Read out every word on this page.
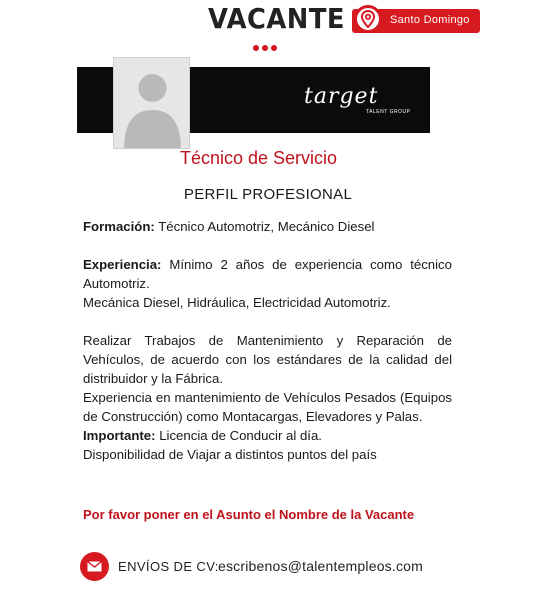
VACANTE	Santo Domingo
target
TALENT GROUP
Técnico de Servicio
PERFIL PROFESIONAL

Formación: Técnico Automotriz, Mecánico Diesel

Experiencia: Mínimo 2 años de experiencia como técnico Automotriz.

Mecánica Diesel, Hidráulica, Electricidad Automotriz.

Realizar Trabajos de Mantenimiento y Reparación de Vehículos, de acuerdo con los estándares de la calidad del distribuidor y la Fábrica.

Experiencia en mantenimiento de Vehículos Pesados (Equipos de Construcción) como Montacargas, Elevadores y Palas.

Importante: Licencia de Conducir al día.

Disponibilidad de Viajar a distintos puntos del país

Por favor poner en el Asunto el Nombre de la Vacante
ENVÍOS DE CV: escribenos@talentempleos.com
